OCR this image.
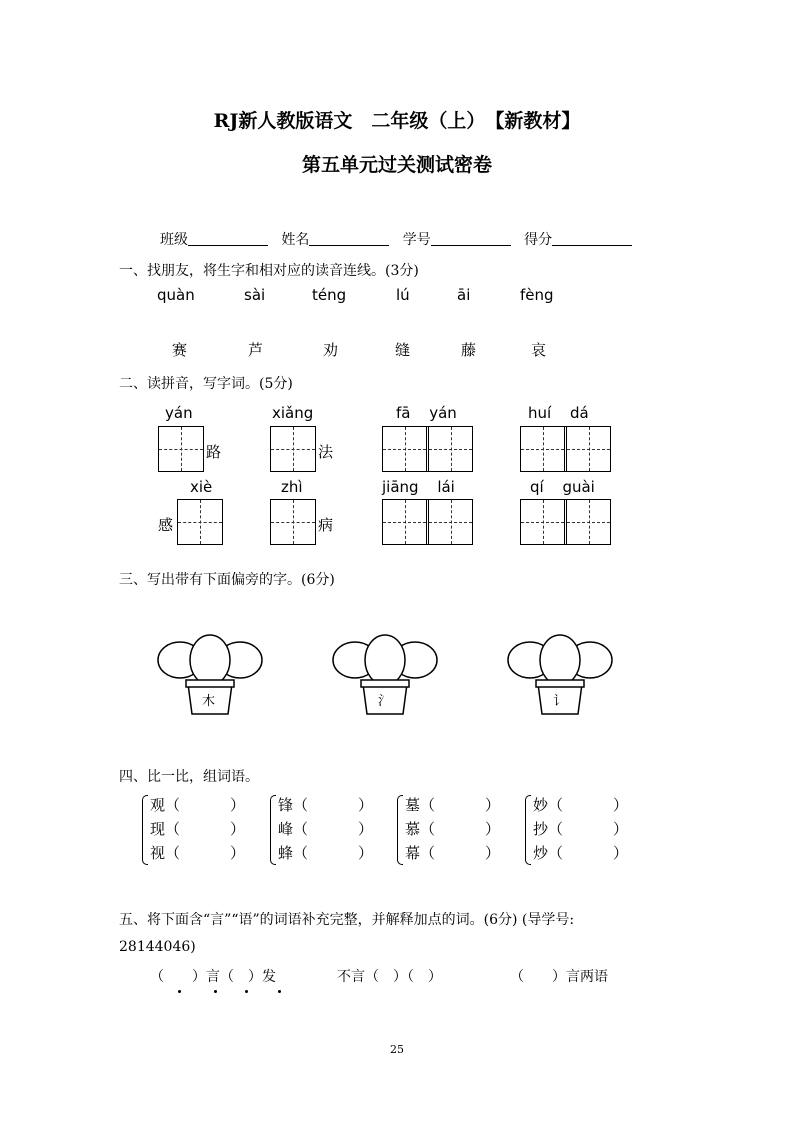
RJ新人教版语文　二年级（上）　【新教材】
第五单元过关测试密卷
班级	姓名	学号	得分
一、找朋友，将生字和相对应的读音连线。(3分)
quàn	sài	téng	lú	āi	fèng
赛	芦	劝	缝	藤	哀
二、读拼音，写字词。(5分)
yán	xiǎng	fā yán	huí dá
路	法
xiè	zhì	jiāng lái	qí guài
感	病
三、写出带有下面偏旁的字。(6分)
木	氵	讠
四、比一比，组词语。
观（	）
现（	）
视（	）
锋（	）
峰（	）
蜂（	）
墓（	）
慕（	）
幕（	）
妙（	）
抄（	）
炒（	）
五、将下面含“言”“语”的词语补充完整，并解释加点的词。(6分) (导学号:
28144046)
（　　）言（　）发	不言（　）（　）	（　　）言两语
25
